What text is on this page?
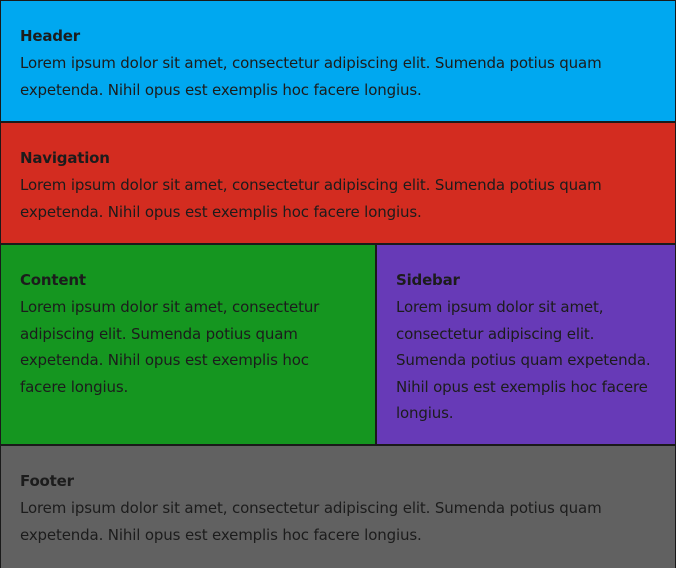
Header

Lorem ipsum dolor sit amet, consectetur adipiscing elit. Sumenda potius quam expetenda. Nihil opus est exemplis hoc facere longius.

Navigation

Lorem ipsum dolor sit amet, consectetur adipiscing elit. Sumenda potius quam expetenda. Nihil opus est exemplis hoc facere longius.

Content

Lorem ipsum dolor sit amet, consectetur adipiscing elit. Sumenda potius quam expetenda. Nihil opus est exemplis hoc facere longius.

Sidebar

Lorem ipsum dolor sit amet, consectetur adipiscing elit. Sumenda potius quam expetenda. Nihil opus est exemplis hoc facere longius.

Footer

Lorem ipsum dolor sit amet, consectetur adipiscing elit. Sumenda potius quam expetenda. Nihil opus est exemplis hoc facere longius.
